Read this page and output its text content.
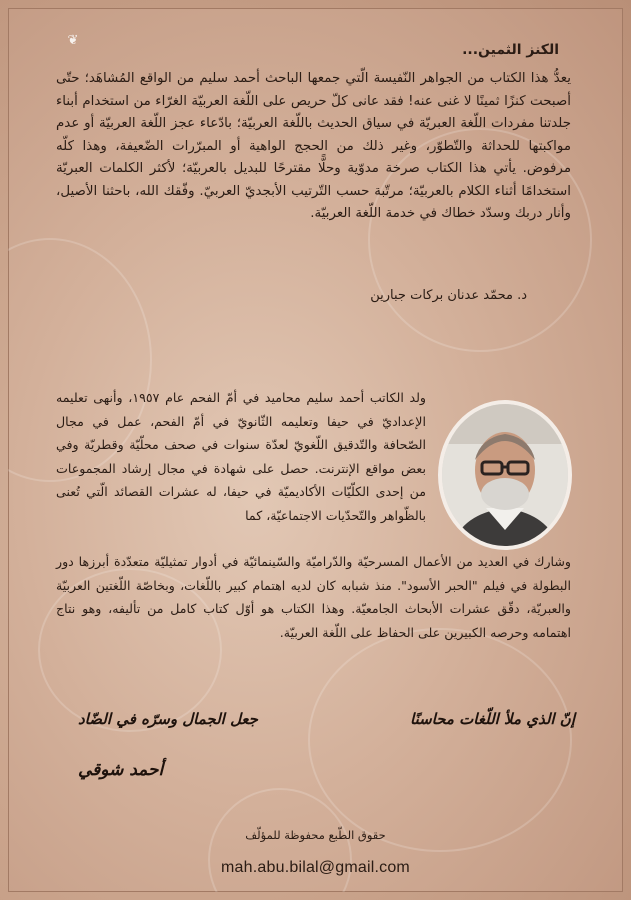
❦
الكنز الثمين...
يعدُّ هذا الكتاب من الجواهر النّفيسة الّتي جمعها الباحث أحمد سليم من الواقع المُشاهَد؛ حتّى أصبحت كنزًا ثمينًا لا غنى عنه! فقد عانى كلّ حريص على اللّغة العربيّة الغرّاء من استخدام أبناء جلدتنا مفردات اللّغة العبريّة في سياق الحديث باللّغة العربيّة؛ بادّعاء عجز اللّغة العربيّة أو عدم مواكبتها للحداثة والتّطوّر، وغير ذلك من الحجج الواهية أو المبرّرات الضّعيفة، وهذا كلّه مرفوض. يأتي هذا الكتاب صرخة مدوّية وحلًّا مقترحًا للبديل بالعربيّة؛ لأكثر الكلمات العبريّة استخدامًا أثناء الكلام بالعربيّة؛ مرتّبة حسب التّرتيب الأبجديّ العربيّ. وفّقك الله، باحثنا الأصيل، وأنار دربك وسدّد خطاك في خدمة اللّغة العربيّة.
د. محمّد عدنان بركات جبارين
ولد الكاتب أحمد سليم محاميد في أمّ الفحم عام ١٩٥٧، وأنهى تعليمه الإعداديّ في حيفا وتعليمه الثّانويّ في أمّ الفحم، عمل في مجال الصّحافة والتّدقيق اللّغويّ لعدّة سنوات في صحف محلّيّة وقطريّة وفي بعض مواقع الإنترنت. حصل على شهادة في مجال إرشاد المجموعات من إحدى الكلّيّات الأكاديميّة في حيفا، له عشرات القصائد الّتي تُعنى بالظّواهر والتّحدّيات الاجتماعيّة، كما
وشارك في العديد من الأعمال المسرحيّة والدّراميّة والسّينمائيّة في أدوار تمثيليّة متعدّدة أبرزها دور البطولة في فيلم "الحبر الأسود". منذ شبابه كان لديه اهتمام كبير باللّغات، وبخاصّة اللّغتين العربيّة والعبريّة، دقّق عشرات الأبحاث الجامعيّة. وهذا الكتاب هو أوّل كتاب كامل من تأليفه، وهو نتاج اهتمامه وحرصه الكبيرين على الحفاظ على اللّغة العربيّة.
إنّ الذي ملأ اللّغات محاسنًا
جعل الجمال وسرّه في الضّاد
أحمد شوقي
حقوق الطّبع محفوظة للمؤلّف
mah.abu.bilal@gmail.com
